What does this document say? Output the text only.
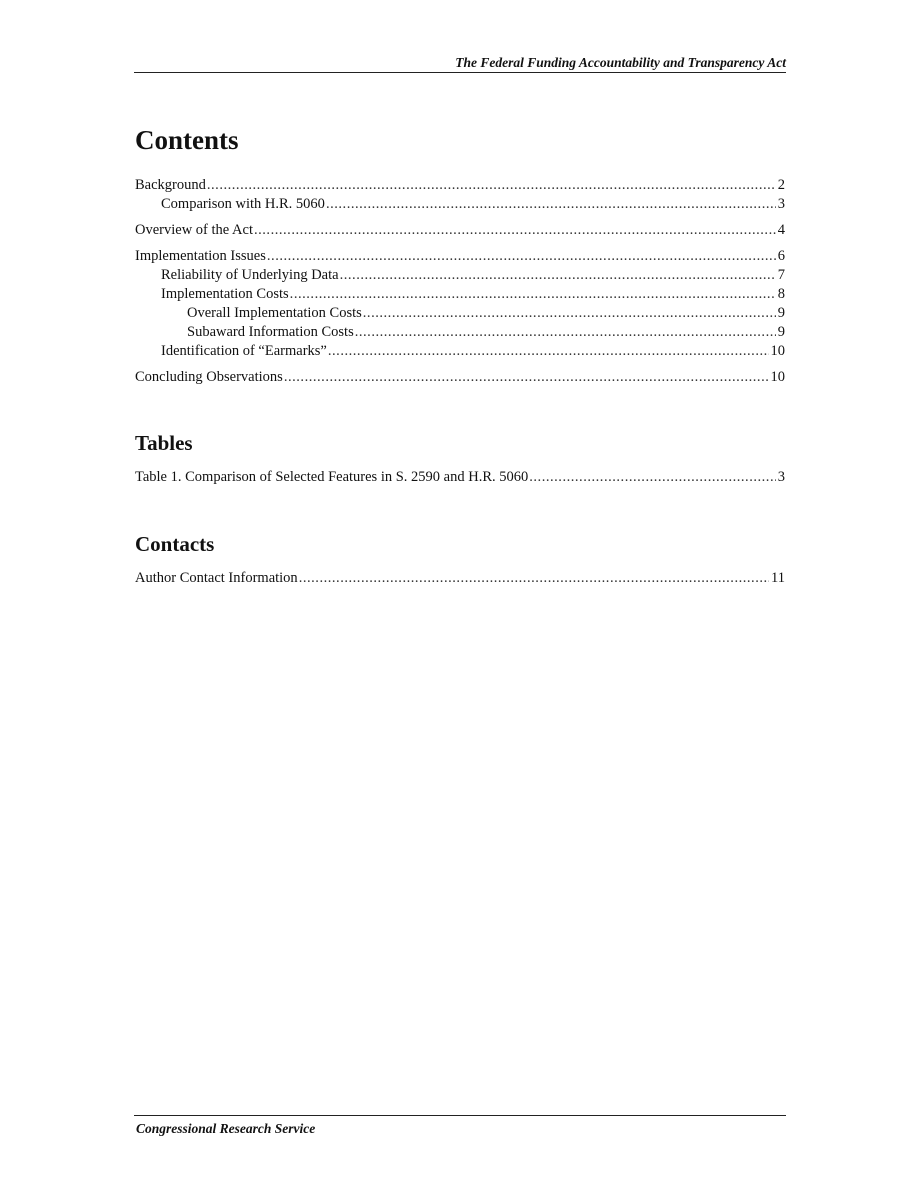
The Federal Funding Accountability and Transparency Act
Contents
Background . . .	2
Comparison with H.R. 5060 . . .	3
Overview of the Act . . .	4
Implementation Issues . . .	6
Reliability of Underlying Data . . .	7
Implementation Costs . . .	8
Overall Implementation Costs . . .	9
Subaward Information Costs . . .	9
Identification of “Earmarks” . . .	10
Concluding Observations . . .	10
Tables
Table 1. Comparison of Selected Features in S. 2590 and H.R. 5060 . . .	3
Contacts
Author Contact Information . . .	11
Congressional Research Service
